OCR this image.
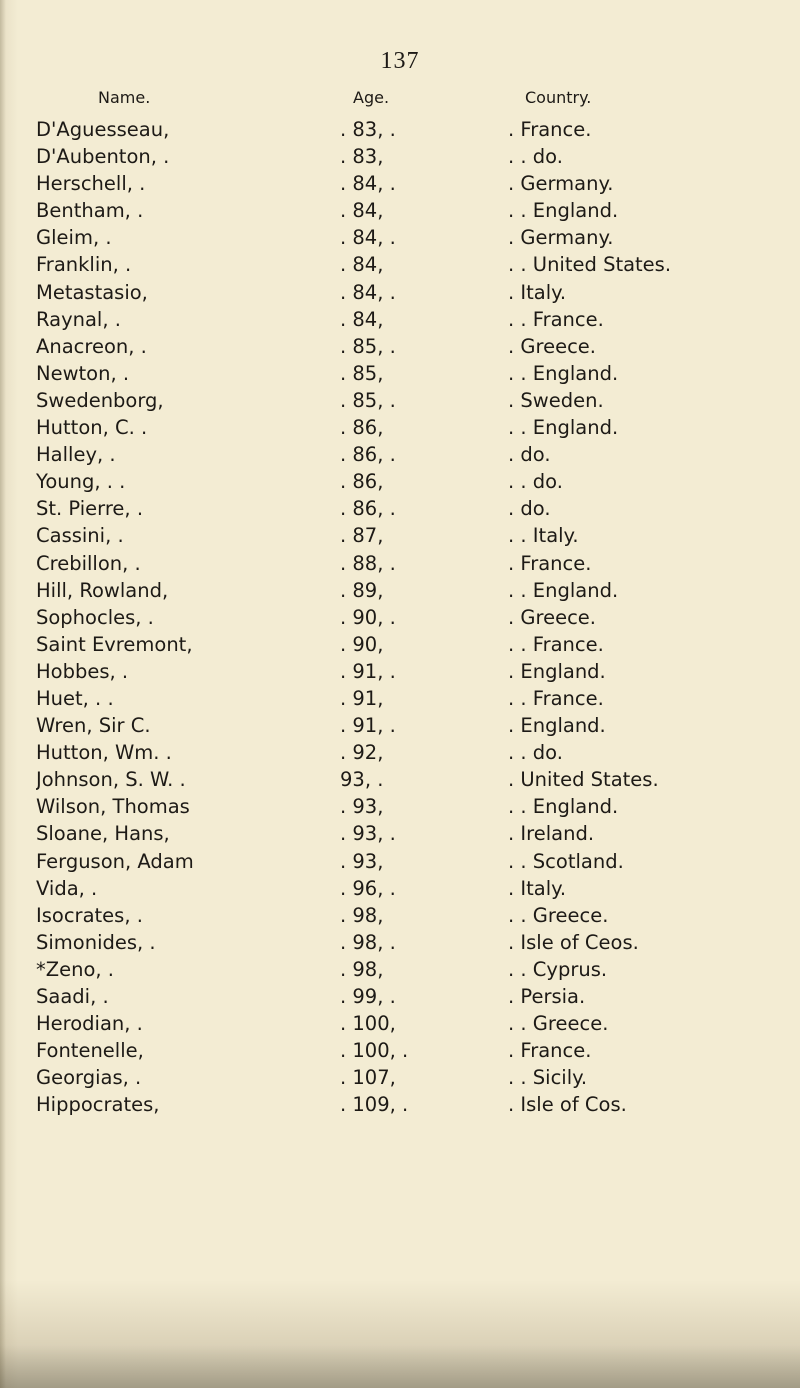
137
Name.	Age.	Country.
D'Aguesseau,	. 83, .	. France.
D'Aubenton, .	. 83,	. . do.
Herschell, .	. 84, .	. Germany.
Bentham, .	. 84,	. . England.
Gleim, .	. 84, .	. Germany.
Franklin, .	. 84,	. . United States.
Metastasio,	. 84, .	. Italy.
Raynal, .	. 84,	. . France.
Anacreon, .	. 85, .	. Greece.
Newton, .	. 85,	. . England.
Swedenborg,	. 85, .	. Sweden.
Hutton, C. .	. 86,	. . England.
Halley, .	. 86, .	. do.
Young, . .	. 86,	. . do.
St. Pierre, .	. 86, .	. do.
Cassini, .	. 87,	. . Italy.
Crebillon, .	. 88, .	. France.
Hill, Rowland,	. 89,	. . England.
Sophocles, .	. 90, .	. Greece.
Saint Evremont,	. 90,	. . France.
Hobbes, .	. 91, .	. England.
Huet, . .	. 91,	. . France.
Wren, Sir C.	. 91, .	. England.
Hutton, Wm. .	. 92,	. . do.
Johnson, S. W. .	93, .	. United States.
Wilson, Thomas	. 93,	. . England.
Sloane, Hans,	. 93, .	. Ireland.
Ferguson, Adam	. 93,	. . Scotland.
Vida, .	. 96, .	. Italy.
Isocrates, .	. 98,	. . Greece.
Simonides, .	. 98, .	. Isle of Ceos.
*Zeno, .	. 98,	. . Cyprus.
Saadi, .	. 99, .	. Persia.
Herodian, .	. 100,	. . Greece.
Fontenelle,	. 100, .	. France.
Georgias, .	. 107,	. . Sicily.
Hippocrates,	. 109, .	. Isle of Cos.
